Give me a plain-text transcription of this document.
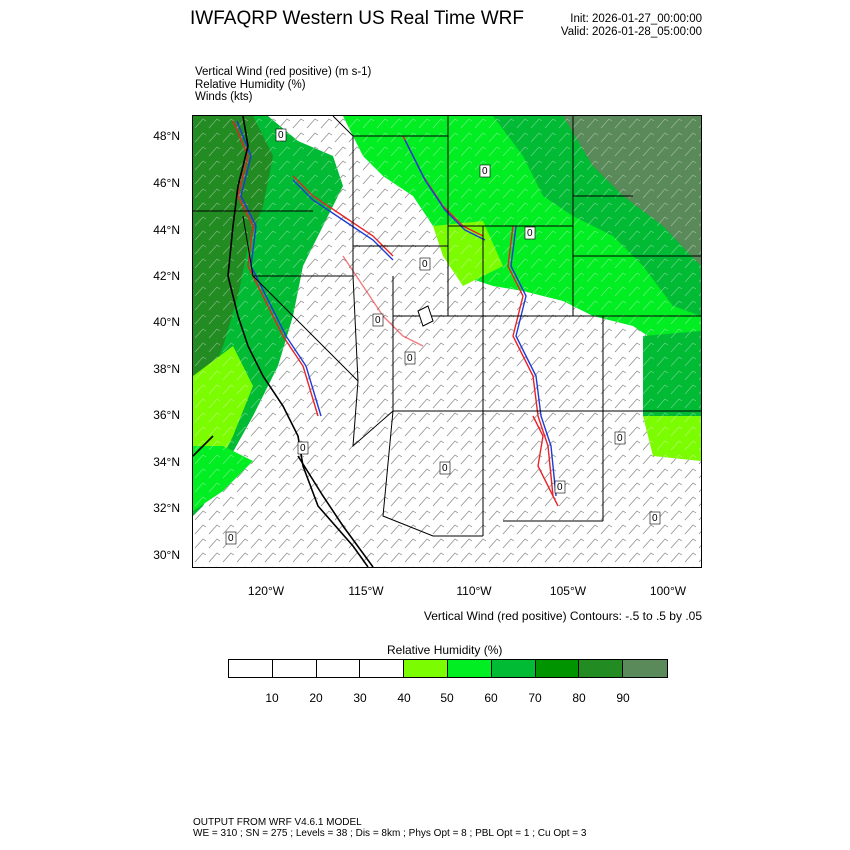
IWFAQRP Western US Real Time WRF	Init: 2026-01-27_00:00:00
Valid: 2026-01-28_05:00:00
Vertical Wind (red positive) (m s-1)
Relative Humidity (%)
Winds (kts)
0
0
0
0
0
0
0
0
0
0
0
0
48°N
46°N
44°N
42°N
40°N
38°N
36°N
34°N
32°N
30°N
120°W	115°W	110°W	105°W	100°W
Vertical Wind (red positive) Contours: -.5 to .5 by .05
Relative Humidity (%)
10	20	30	40	50	60	70	80	90
OUTPUT FROM WRF V4.6.1 MODEL
WE = 310 ; SN = 275 ; Levels = 38 ; Dis = 8km ; Phys Opt = 8 ; PBL Opt = 1 ; Cu Opt = 3
